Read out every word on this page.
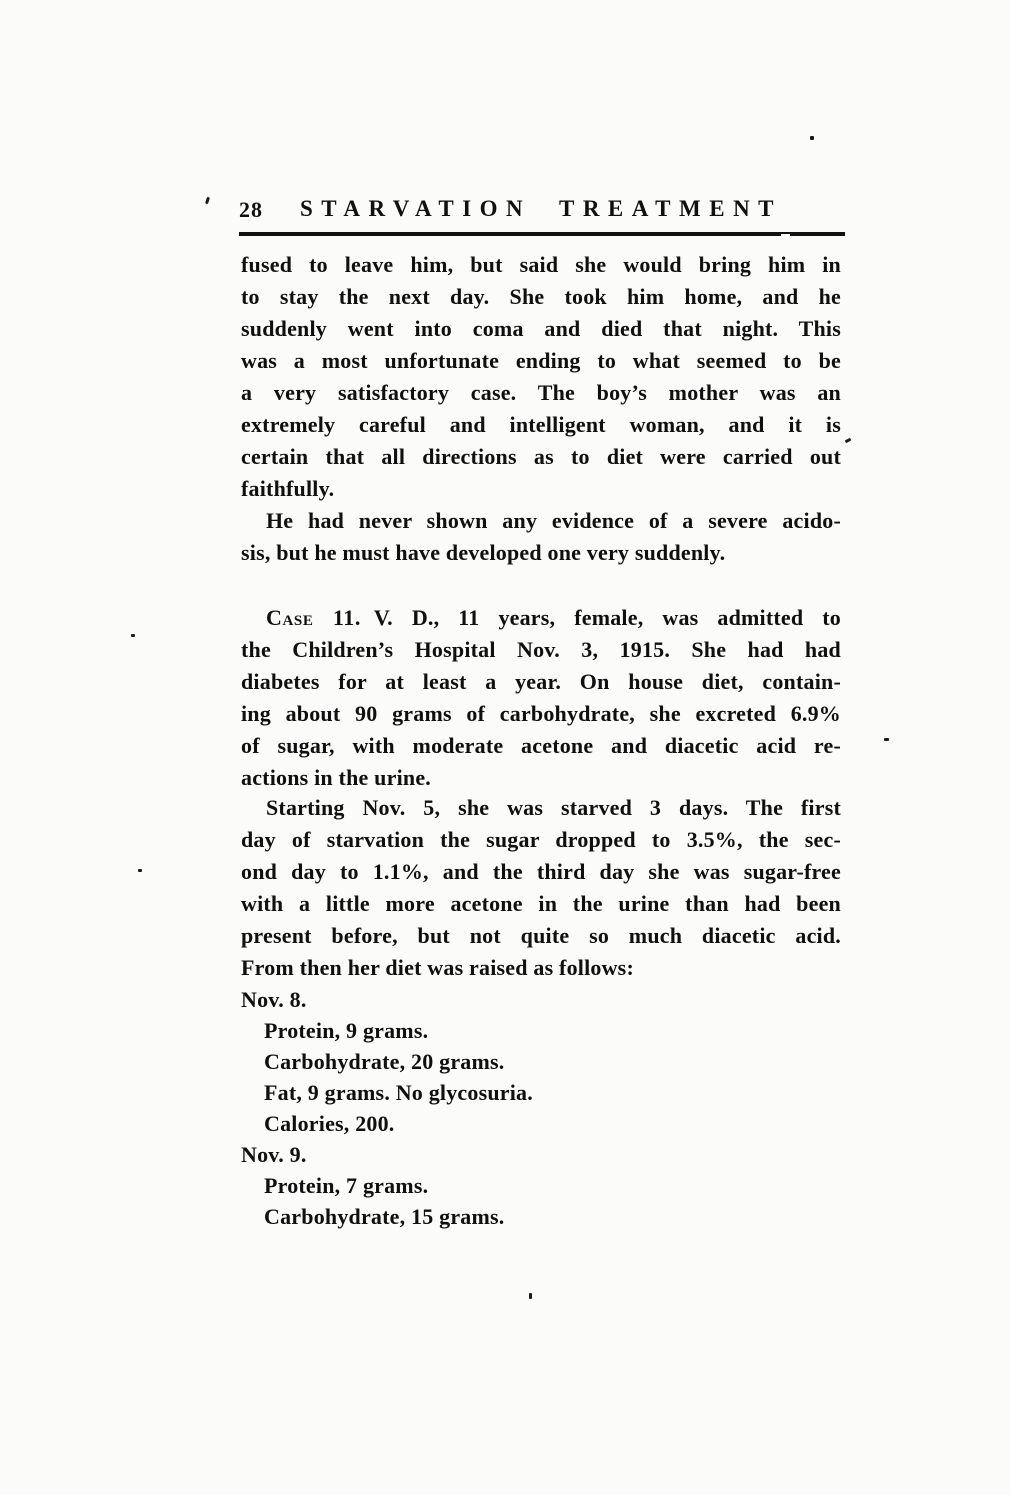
28	STARVATION TREATMENT
fused to leave him, but said she would bring him in
to stay the next day. She took him home, and he
suddenly went into coma and died that night. This
was a most unfortunate ending to what seemed to be
a very satisfactory case. The boy’s mother was an
extremely careful and intelligent woman, and it is
certain that all directions as to diet were carried out
faithfully.
He had never shown any evidence of a severe acido-
sis, but he must have developed one very suddenly.
Case 11. V. D., 11 years, female, was admitted to
the Children’s Hospital Nov. 3, 1915. She had had
diabetes for at least a year. On house diet, contain-
ing about 90 grams of carbohydrate, she excreted 6.9%
of sugar, with moderate acetone and diacetic acid re-
actions in the urine.
Starting Nov. 5, she was starved 3 days. The first
day of starvation the sugar dropped to 3.5%, the sec-
ond day to 1.1%, and the third day she was sugar-free
with a little more acetone in the urine than had been
present before, but not quite so much diacetic acid.
From then her diet was raised as follows:
Nov. 8.
Protein, 9 grams.
Carbohydrate, 20 grams.
Fat, 9 grams. No glycosuria.
Calories, 200.
Nov. 9.
Protein, 7 grams.
Carbohydrate, 15 grams.
